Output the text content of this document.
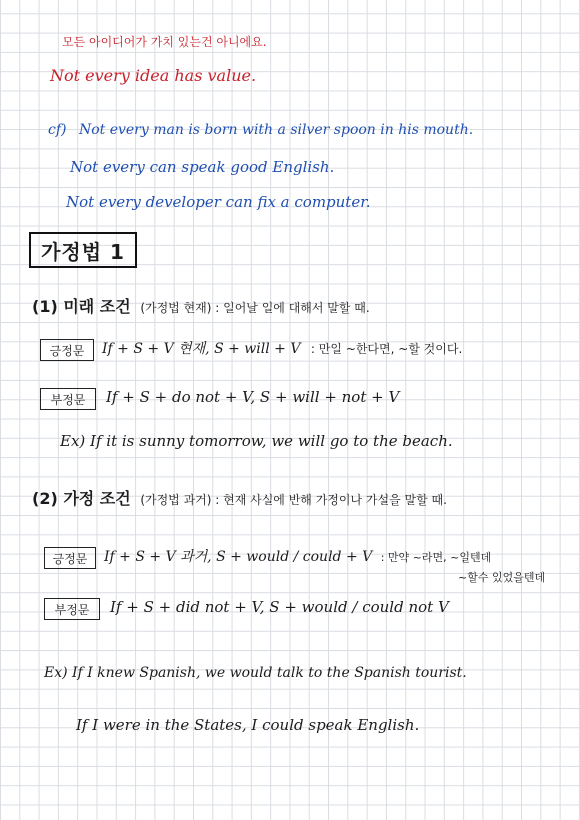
모든 아이디어가 가치 있는건 아니에요.
Not every idea has value.
cf) Not every man is born with a silver spoon in his mouth.
Not every can speak good English.
Not every developer can fix a computer.
가정법 1
(1) 미래 조건 (가정법 현재) : 일어날 일에 대해서 말할 때.
긍정문	If + S + V 현재, S + will + V : 만일 ~한다면, ~할 것이다.
부정문	If + S + do not + V, S + will + not + V
Ex) If it is sunny tomorrow, we will go to the beach.
(2) 가정 조건 (가정법 과거) : 현재 사실에 반해 가정이나 가설을 말할 때.
긍정문	If + S + V 과거, S + would / could + V : 만약 ~라면, ~일텐데
~할수 있었을텐데
부정문	If + S + did not + V, S + would / could not V
Ex) If I knew Spanish, we would talk to the Spanish tourist.
If I were in the States, I could speak English.
